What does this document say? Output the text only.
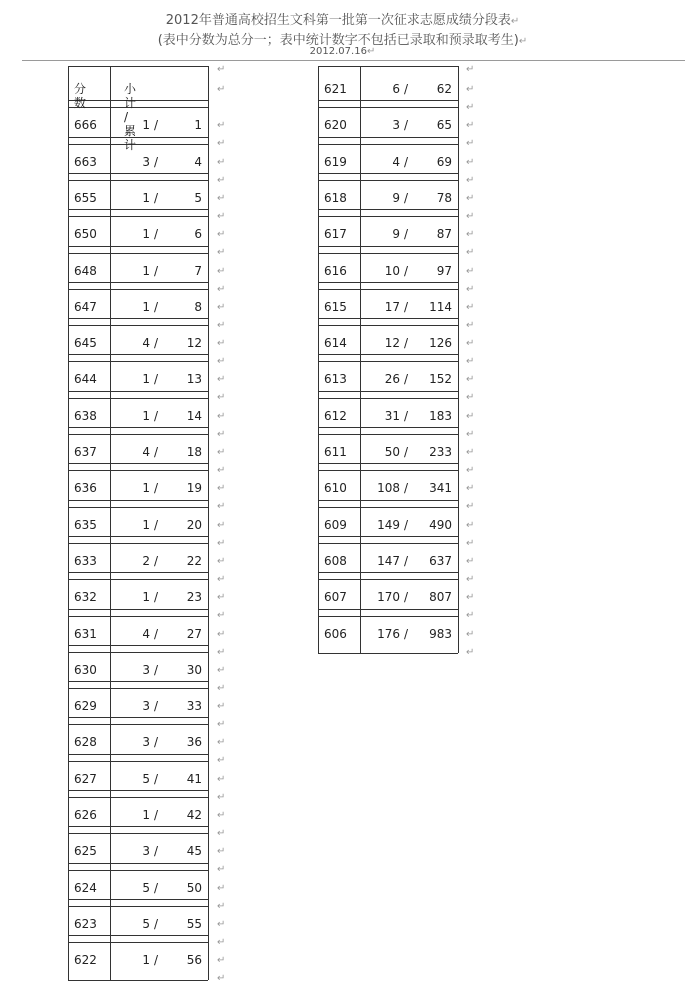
2012年普通高校招生文科第一批第一次征求志愿成绩分段表↵
(表中分数为总分一；表中统计数字不包括已录取和预录取考生)↵
2012.07.16↵
分数
小计 / 累计
↵
666	1 /	1 ↵
↵
663	3 /	4 ↵
↵
655	1 /	5 ↵
↵
650	1 /	6 ↵
↵
648	1 /	7 ↵
↵
647	1 /	8 ↵
↵
645	4 /	12 ↵
↵
644	1 /	13 ↵
↵
638	1 /	14 ↵
↵
637	4 /	18 ↵
↵
636	1 /	19 ↵
↵
635	1 /	20 ↵
↵
633	2 /	22 ↵
↵
632	1 /	23 ↵
↵
631	4 /	27 ↵
↵
630	3 /	30 ↵
↵
629	3 /	33 ↵
↵
628	3 /	36 ↵
↵
627	5 /	41 ↵
↵
626	1 /	42 ↵
↵
625	3 /	45 ↵
↵
624	5 /	50 ↵
↵
623	5 /	55 ↵
↵
622	1 /	56 ↵
↵
↵
621	6 /	62 ↵
↵
620	3 /	65 ↵
↵
619	4 /	69 ↵
↵
618	9 /	78 ↵
↵
617	9 /	87 ↵
↵
616	10 /	97 ↵
↵
615	17 /	114 ↵
↵
614	12 /	126 ↵
↵
613	26 /	152 ↵
↵
612	31 /	183 ↵
↵
611	50 /	233 ↵
↵
610	108 /	341 ↵
↵
609	149 /	490 ↵
↵
608	147 /	637 ↵
↵
607	170 /	807 ↵
↵
606	176 /	983 ↵
↵
↵
